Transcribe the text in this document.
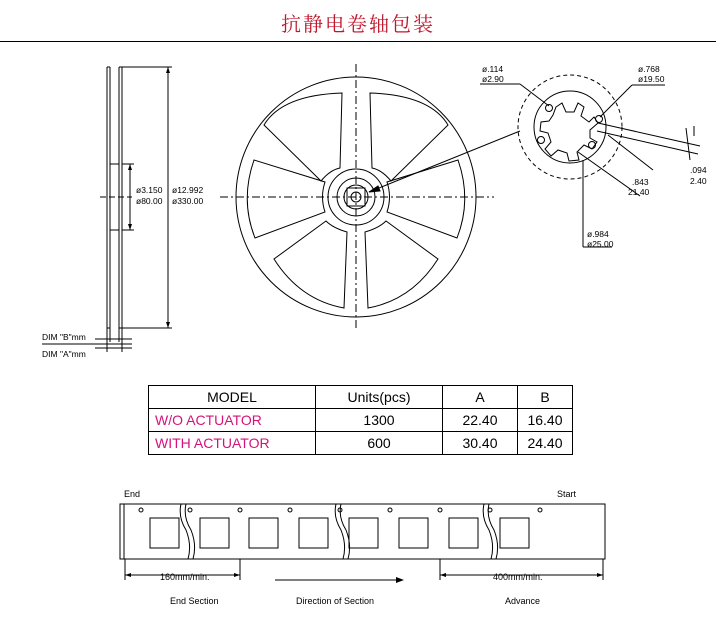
抗静电卷轴包装
ø3.150
ø80.00
ø12.992
ø330.00
DIM "B"mm
DIM "A"mm
ø.114
ø2.90
ø.768
ø19.50
.094
2.40
.843
21.40
ø.984
ø25.00
MODEL	Units(pcs)	A	B
W/O ACTUATOR	1300	22.40	16.40
WITH ACTUATOR	600	30.40	24.40
End	Start
160mm/min.	400mm/min.
End Section	Direction of Section	Advance
